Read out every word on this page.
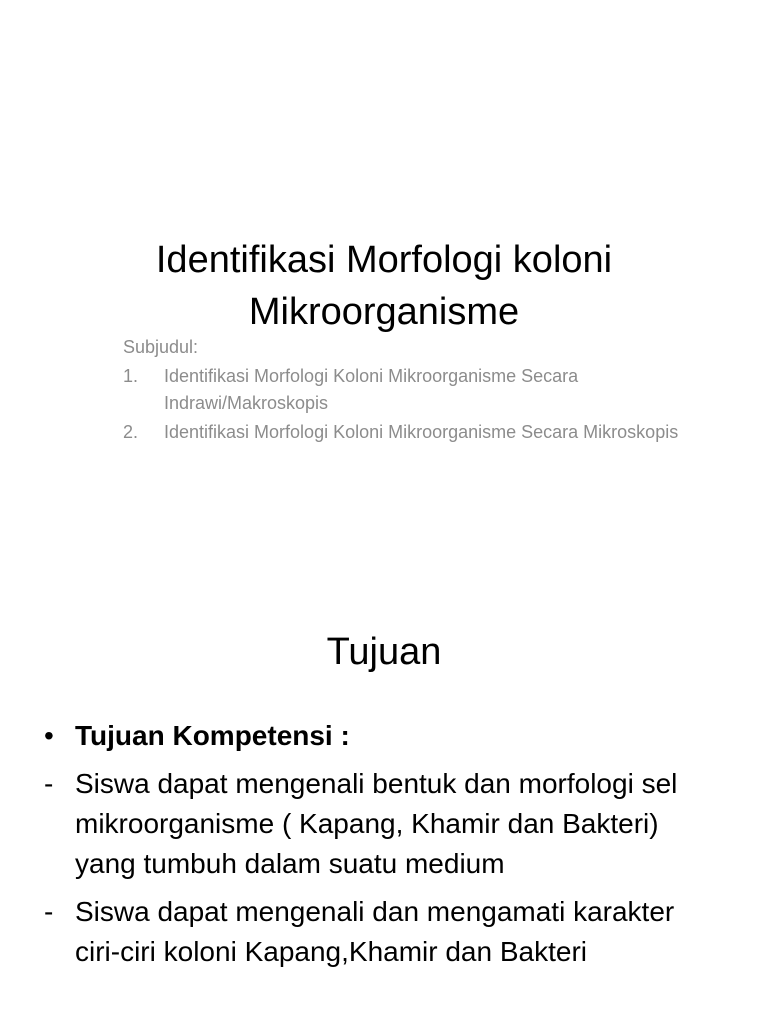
Identifikasi Morfologi koloni
Mikroorganisme
Subjudul:
1. Identifikasi Morfologi Koloni Mikroorganisme Secara Indrawi/Makroskopis
2. Identifikasi Morfologi Koloni Mikroorganisme Secara Mikroskopis
Tujuan
• Tujuan Kompetensi :
- Siswa dapat mengenali bentuk dan morfologi sel mikroorganisme ( Kapang, Khamir dan Bakteri) yang tumbuh dalam suatu medium
- Siswa dapat mengenali dan mengamati karakter ciri-ciri koloni Kapang,Khamir dan Bakteri
